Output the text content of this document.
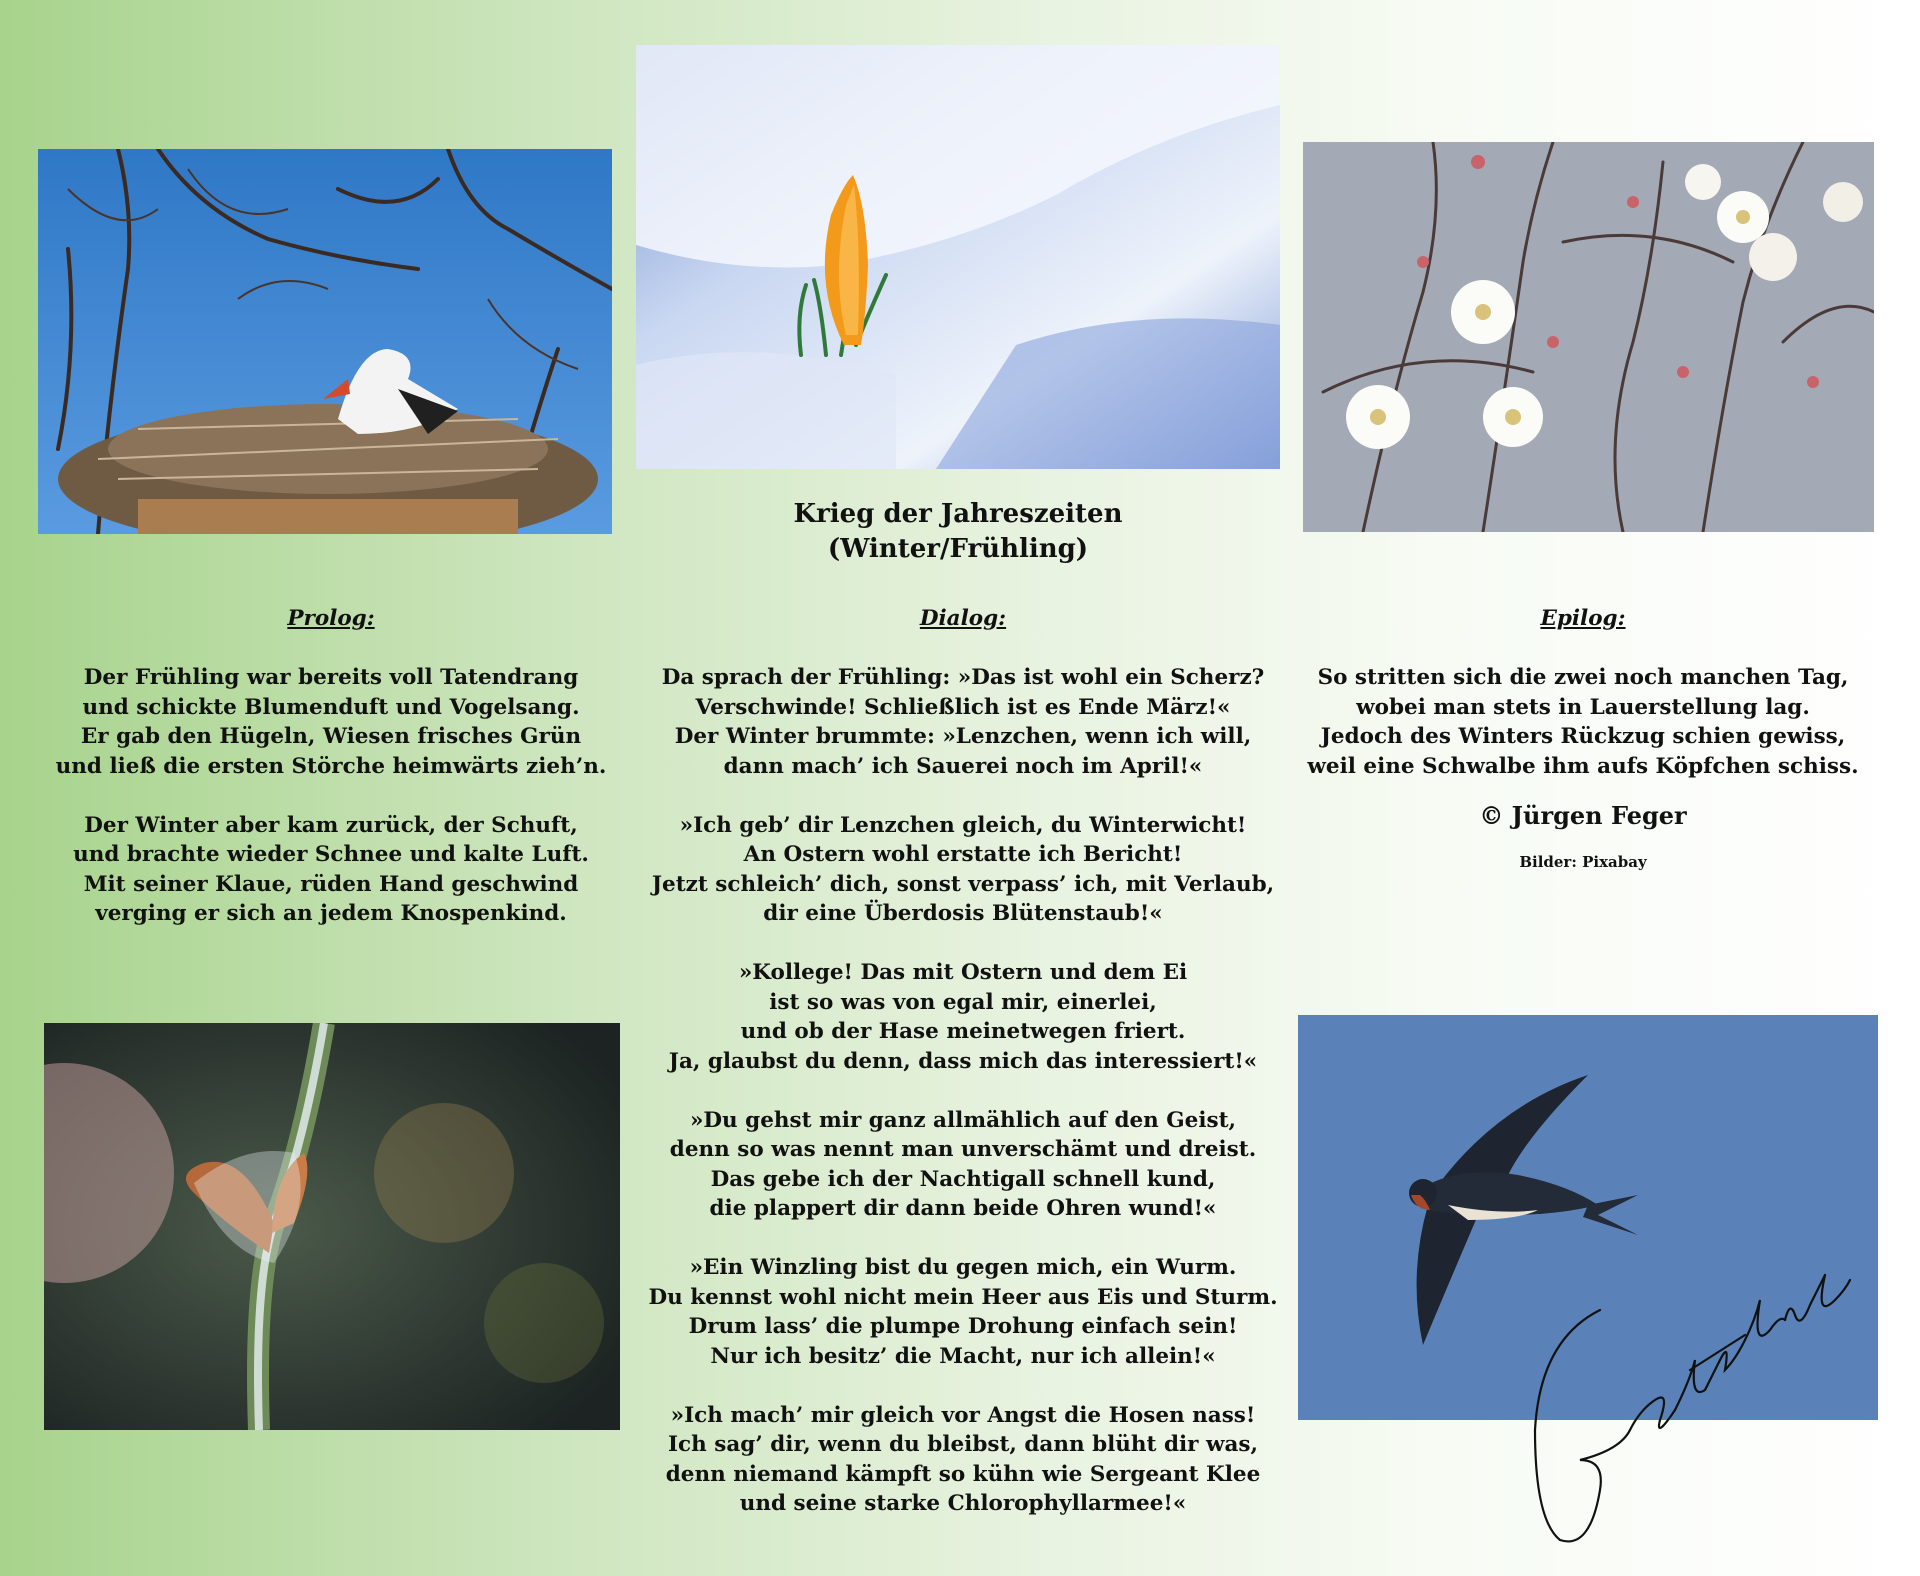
Krieg der Jahreszeiten

(Winter/Frühling)

Prolog:

Der Frühling war bereits voll Tatendrang

und schickte Blumenduft und Vogelsang.

Er gab den Hügeln, Wiesen frisches Grün

und ließ die ersten Störche heimwärts zieh’n.

Der Winter aber kam zurück, der Schuft,

und brachte wieder Schnee und kalte Luft.

Mit seiner Klaue, rüden Hand geschwind

verging er sich an jedem Knospenkind.

Dialog:

Da sprach der Frühling: »Das ist wohl ein Scherz?

Verschwinde! Schließlich ist es Ende März!«

Der Winter brummte: »Lenzchen, wenn ich will,

dann mach’ ich Sauerei noch im April!«

»Ich geb’ dir Lenzchen gleich, du Winterwicht!

An Ostern wohl erstatte ich Bericht!

Jetzt schleich’ dich, sonst verpass’ ich, mit Verlaub,

dir eine Überdosis Blütenstaub!«

»Kollege! Das mit Ostern und dem Ei

ist so was von egal mir, einerlei,

und ob der Hase meinetwegen friert.

Ja, glaubst du denn, dass mich das interessiert!«

»Du gehst mir ganz allmählich auf den Geist,

denn so was nennt man unverschämt und dreist.

Das gebe ich der Nachtigall schnell kund,

die plappert dir dann beide Ohren wund!«

»Ein Winzling bist du gegen mich, ein Wurm.

Du kennst wohl nicht mein Heer aus Eis und Sturm.

Drum lass’ die plumpe Drohung einfach sein!

Nur ich besitz’ die Macht, nur ich allein!«

»Ich mach’ mir gleich vor Angst die Hosen nass!

Ich sag’ dir, wenn du bleibst, dann blüht dir was,

denn niemand kämpft so kühn wie Sergeant Klee

und seine starke Chlorophyllarmee!«

Epilog:

So stritten sich die zwei noch manchen Tag,

wobei man stets in Lauerstellung lag.

Jedoch des Winters Rückzug schien gewiss,

weil eine Schwalbe ihm aufs Köpfchen schiss.

© Jürgen Feger

Bilder: Pixabay
